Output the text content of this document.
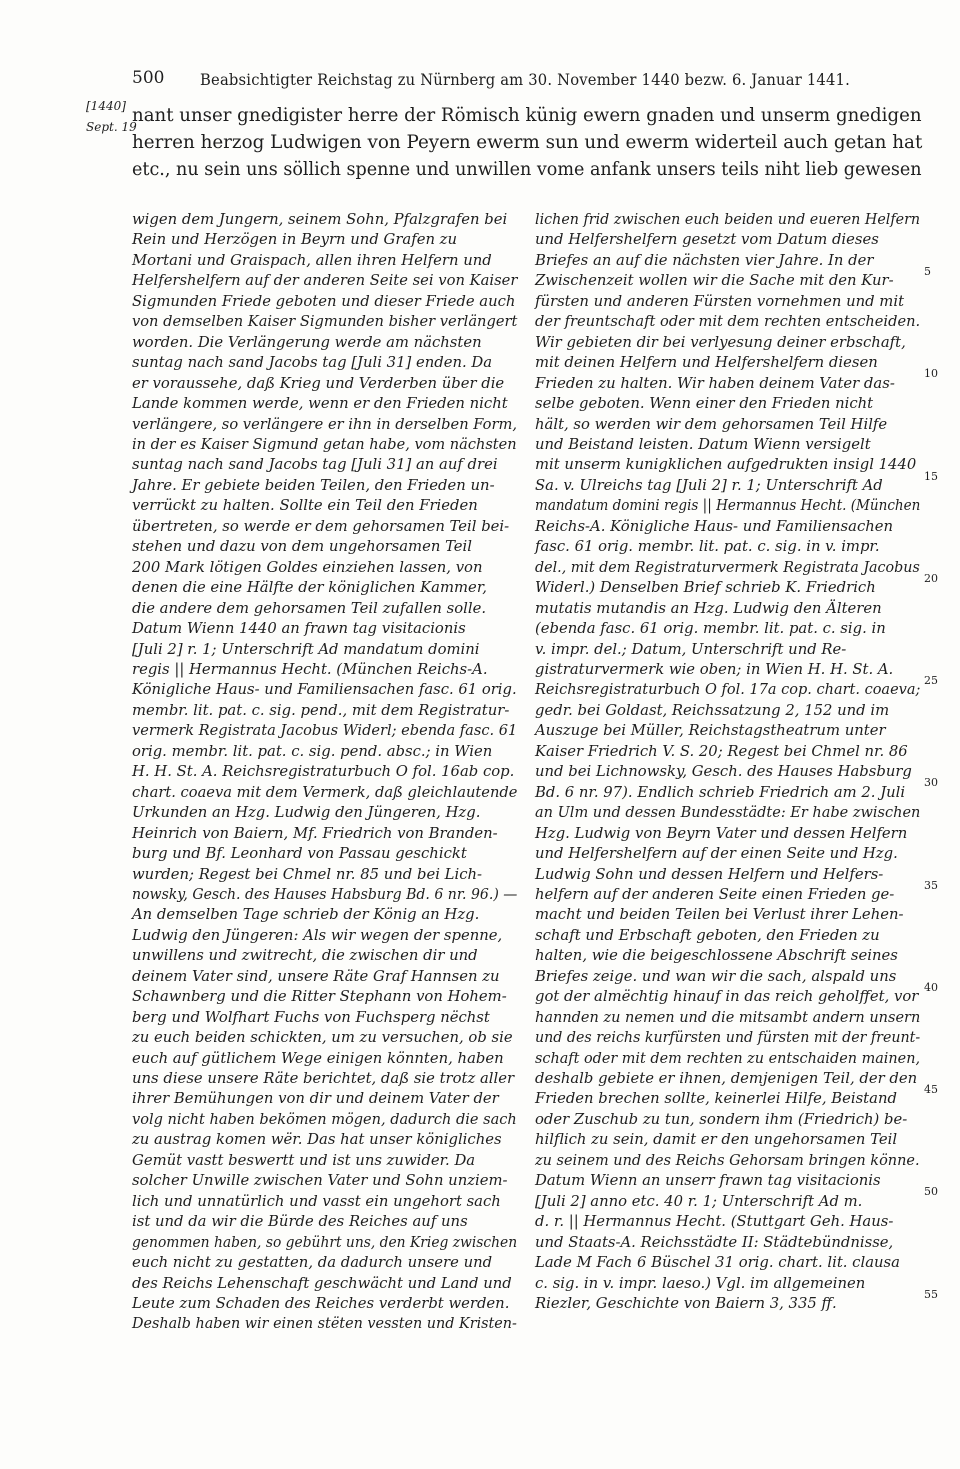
500 Beabsichtigter Reichstag zu Nürnberg am 30. November 1440 bezw. 6. Januar 1441.
[1440]
Sept. 19
nant unser gnedigister herre der Römisch künig ewern gnaden und unserm gnedigen
herren herzog Ludwigen von Peyern ewerm sun und ewerm widerteil auch getan hat
etc., nu sein uns söllich spenne und unwillen vome anfank unsers teils niht lieb gewesen
wigen dem Jungern, seinem Sohn, Pfalzgrafen bei
Rein und Herzögen in Beyrn und Grafen zu
Mortani und Graispach, allen ihren Helfern und
Helfershelfern auf der anderen Seite sei von Kaiser
Sigmunden Friede geboten und dieser Friede auch
von demselben Kaiser Sigmunden bisher verlängert
worden. Die Verlängerung werde am nächsten
suntag nach sand Jacobs tag [Juli 31] enden. Da
er voraussehe, daß Krieg und Verderben über die
Lande kommen werde, wenn er den Frieden nicht
verlängere, so verlängere er ihn in derselben Form,
in der es Kaiser Sigmund getan habe, vom nächsten
suntag nach sand Jacobs tag [Juli 31] an auf drei
Jahre. Er gebiete beiden Teilen, den Frieden un-
verrückt zu halten. Sollte ein Teil den Frieden
übertreten, so werde er dem gehorsamen Teil bei-
stehen und dazu von dem ungehorsamen Teil
200 Mark lötigen Goldes einziehen lassen, von
denen die eine Hälfte der königlichen Kammer,
die andere dem gehorsamen Teil zufallen solle.
Datum Wienn 1440 an frawn tag visitacionis
[Juli 2] r. 1; Unterschrift Ad mandatum domini
regis || Hermannus Hecht. (München Reichs-A.
Königliche Haus- und Familiensachen fasc. 61 orig.
membr. lit. pat. c. sig. pend., mit dem Registratur-
vermerk Registrata Jacobus Widerl; ebenda fasc. 61
orig. membr. lit. pat. c. sig. pend. absc.; in Wien
H. H. St. A. Reichsregistraturbuch O fol. 16ab cop.
chart. coaeva mit dem Vermerk, daß gleichlautende
Urkunden an Hzg. Ludwig den Jüngeren, Hzg.
Heinrich von Baiern, Mf. Friedrich von Branden-
burg und Bf. Leonhard von Passau geschickt
wurden; Regest bei Chmel nr. 85 und bei Lich-
nowsky, Gesch. des Hauses Habsburg Bd. 6 nr. 96.) —
An demselben Tage schrieb der König an Hzg.
Ludwig den Jüngeren: Als wir wegen der spenne,
unwillens und zwitrecht, die zwischen dir und
deinem Vater sind, unsere Räte Graf Hannsen zu
Schawnberg und die Ritter Stephann von Hohem-
berg und Wolfhart Fuchs von Fuchsperg nëchst
zu euch beiden schickten, um zu versuchen, ob sie
euch auf gütlichem Wege einigen könnten, haben
uns diese unsere Räte berichtet, daß sie trotz aller
ihrer Bemühungen von dir und deinem Vater der
volg nicht haben bekömen mögen, dadurch die sach
zu austrag komen wër. Das hat unser königliches
Gemüt vastt beswertt und ist uns zuwider. Da
solcher Unwille zwischen Vater und Sohn unziem-
lich und unnatürlich und vasst ein ungehort sach
ist und da wir die Bürde des Reiches auf uns
genommen haben, so gebührt uns, den Krieg zwischen
euch nicht zu gestatten, da dadurch unsere und
des Reichs Lehenschaft geschwächt und Land und
Leute zum Schaden des Reiches verderbt werden.
Deshalb haben wir einen stëten vessten und Kristen-
lichen frid zwischen euch beiden und eueren Helfern
und Helfershelfern gesetzt vom Datum dieses
Briefes an auf die nächsten vier Jahre. In der
Zwischenzeit wollen wir die Sache mit den Kur-
fürsten und anderen Fürsten vornehmen und mit
der freuntschaft oder mit dem rechten entscheiden.
Wir gebieten dir bei verlyesung deiner erbschaft,
mit deinen Helfern und Helfershelfern diesen
Frieden zu halten. Wir haben deinem Vater das-
selbe geboten. Wenn einer den Frieden nicht
hält, so werden wir dem gehorsamen Teil Hilfe
und Beistand leisten. Datum Wienn versigelt
mit unserm kunigklichen aufgedrukten insigl 1440
Sa. v. Ulreichs tag [Juli 2] r. 1; Unterschrift Ad
mandatum domini regis || Hermannus Hecht. (München
Reichs-A. Königliche Haus- und Familiensachen
fasc. 61 orig. membr. lit. pat. c. sig. in v. impr.
del., mit dem Registraturvermerk Registrata Jacobus
Widerl.) Denselben Brief schrieb K. Friedrich
mutatis mutandis an Hzg. Ludwig den Älteren
(ebenda fasc. 61 orig. membr. lit. pat. c. sig. in
v. impr. del.; Datum, Unterschrift und Re-
gistraturvermerk wie oben; in Wien H. H. St. A.
Reichsregistraturbuch O fol. 17a cop. chart. coaeva;
gedr. bei Goldast, Reichssatzung 2, 152 und im
Auszuge bei Müller, Reichstagstheatrum unter
Kaiser Friedrich V. S. 20; Regest bei Chmel nr. 86
und bei Lichnowsky, Gesch. des Hauses Habsburg
Bd. 6 nr. 97). Endlich schrieb Friedrich am 2. Juli
an Ulm und dessen Bundesstädte: Er habe zwischen
Hzg. Ludwig von Beyrn Vater und dessen Helfern
und Helfershelfern auf der einen Seite und Hzg.
Ludwig Sohn und dessen Helfern und Helfers-
helfern auf der anderen Seite einen Frieden ge-
macht und beiden Teilen bei Verlust ihrer Lehen-
schaft und Erbschaft geboten, den Frieden zu
halten, wie die beigeschlossene Abschrift seines
Briefes zeige. und wan wir die sach, alspald uns
got der almëchtig hinauf in das reich geholffet, vor
hannden zu nemen und die mitsambt andern unsern
und des reichs kurfürsten und fürsten mit der freunt-
schaft oder mit dem rechten zu entschaiden mainen,
deshalb gebiete er ihnen, demjenigen Teil, der den
Frieden brechen sollte, keinerlei Hilfe, Beistand
oder Zuschub zu tun, sondern ihm (Friedrich) be-
hilflich zu sein, damit er den ungehorsamen Teil
zu seinem und des Reichs Gehorsam bringen könne.
Datum Wienn an unserr frawn tag visitacionis
[Juli 2] anno etc. 40 r. 1; Unterschrift Ad m.
d. r. || Hermannus Hecht. (Stuttgart Geh. Haus-
und Staats-A. Reichsstädte II: Städtebündnisse,
Lade M Fach 6 Büschel 31 orig. chart. lit. clausa
c. sig. in v. impr. laeso.) Vgl. im allgemeinen
Riezler, Geschichte von Baiern 3, 335 ff.
5
10
15
20
25
30
35
40
45
50
55
